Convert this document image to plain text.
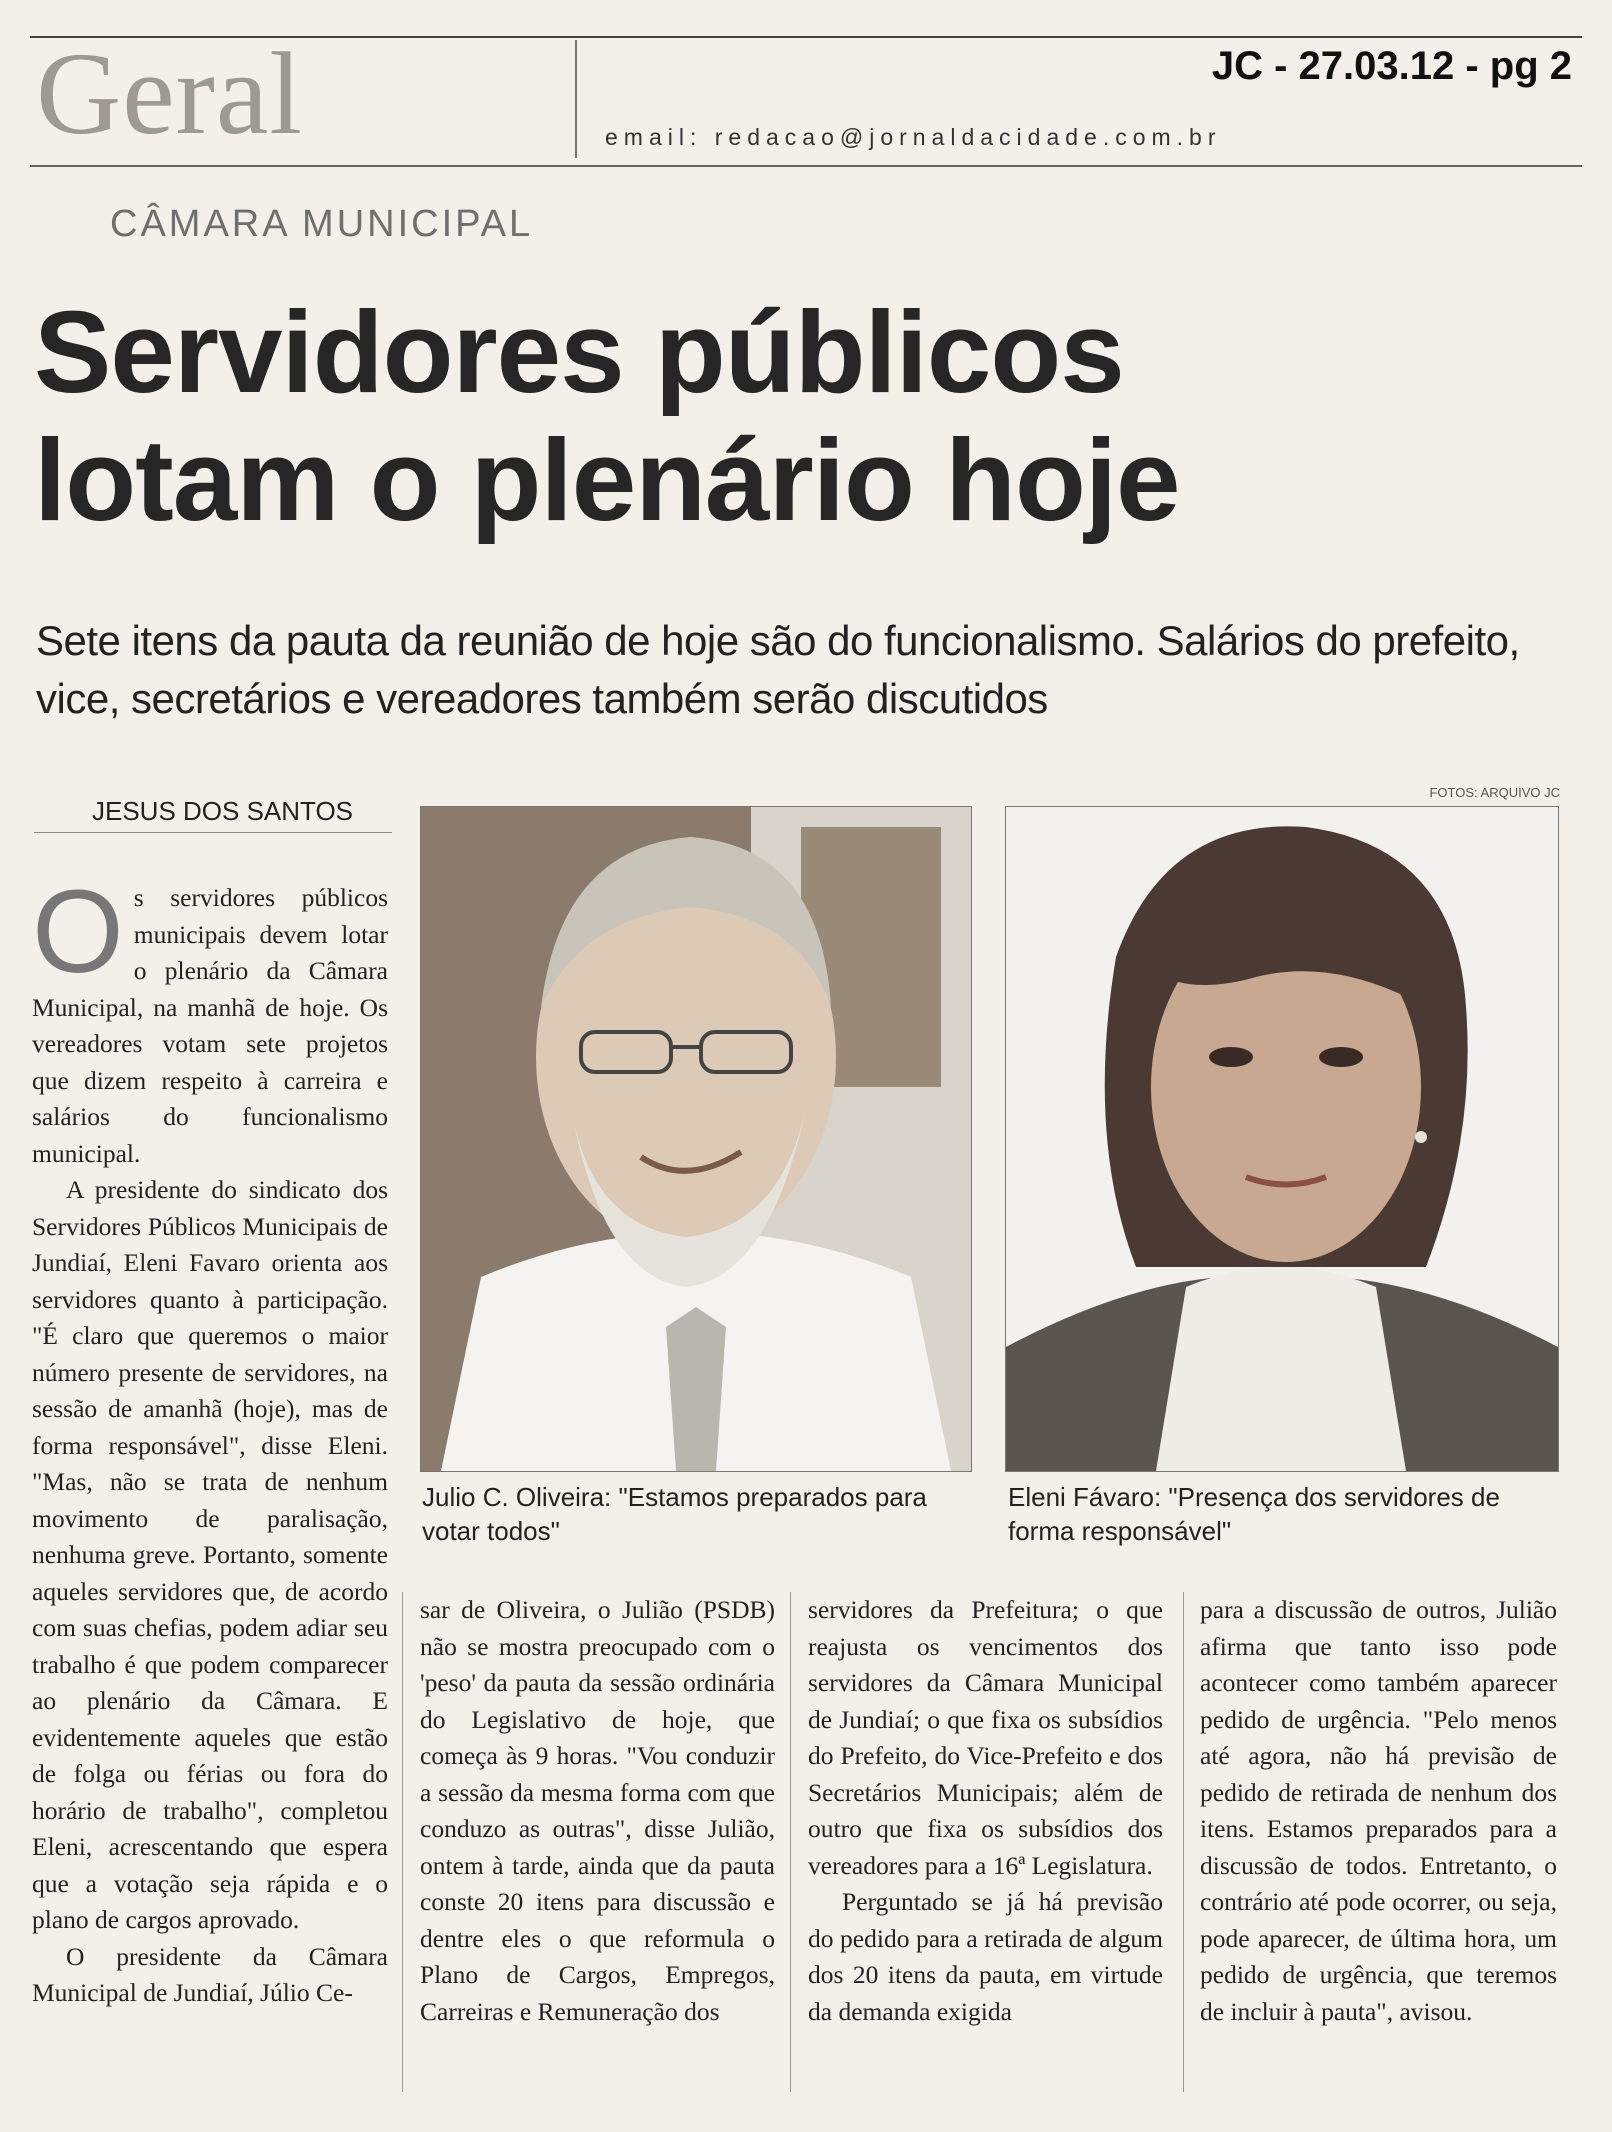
Geral	JC - 27.03.12 - pg 2
email: redacao@jornaldacidade.com.br
CÂMARA MUNICIPAL
Servidores públicos
lotam o plenário hoje
Sete itens da pauta da reunião de hoje são do funcionalismo. Salários do prefeito, vice, secretários e vereadores também serão discutidos
FOTOS: ARQUIVO JC
JESUS DOS SANTOS
Julio C. Oliveira: "Estamos preparados para votar todos"
Eleni Fávaro: "Presença dos servidores de forma responsável"

Os servidores públicos municipais devem lotar o plenário da Câmara Municipal, na manhã de hoje. Os vereadores votam sete projetos que dizem respeito à carreira e salários do funcionalismo municipal.

A presidente do sindicato dos Servidores Públicos Municipais de Jundiaí, Eleni Favaro orienta aos servidores quanto à participação. "É claro que queremos o maior número presente de servidores, na sessão de amanhã (hoje), mas de forma responsável", disse Eleni. "Mas, não se trata de nenhum movimento de paralisação, nenhuma greve. Portanto, somente aqueles servidores que, de acordo com suas chefias, podem adiar seu trabalho é que podem comparecer ao plenário da Câmara. E evidentemente aqueles que estão de folga ou férias ou fora do horário de trabalho", completou Eleni, acrescentando que espera que a votação seja rápida e o plano de cargos aprovado.

O presidente da Câmara Municipal de Jundiaí, Júlio Ce-

sar de Oliveira, o Julião (PSDB) não se mostra preocupado com o 'peso' da pauta da sessão ordinária do Legislativo de hoje, que começa às 9 horas. "Vou conduzir a sessão da mesma forma com que conduzo as outras", disse Julião, ontem à tarde, ainda que da pauta conste 20 itens para discussão e dentre eles o que reformula o Plano de Cargos, Empregos, Carreiras e Remuneração dos

servidores da Prefeitura; o que reajusta os vencimentos dos servidores da Câmara Municipal de Jundiaí; o que fixa os subsídios do Prefeito, do Vice-Prefeito e dos Secretários Municipais; além de outro que fixa os subsídios dos vereadores para a 16ª Legislatura.

Perguntado se já há previsão do pedido para a retirada de algum dos 20 itens da pauta, em virtude da demanda exigida

para a discussão de outros, Julião afirma que tanto isso pode acontecer como também aparecer pedido de urgência. "Pelo menos até agora, não há previsão de pedido de retirada de nenhum dos itens. Estamos preparados para a discussão de todos. Entretanto, o contrário até pode ocorrer, ou seja, pode aparecer, de última hora, um pedido de urgência, que teremos de incluir à pauta", avisou.
